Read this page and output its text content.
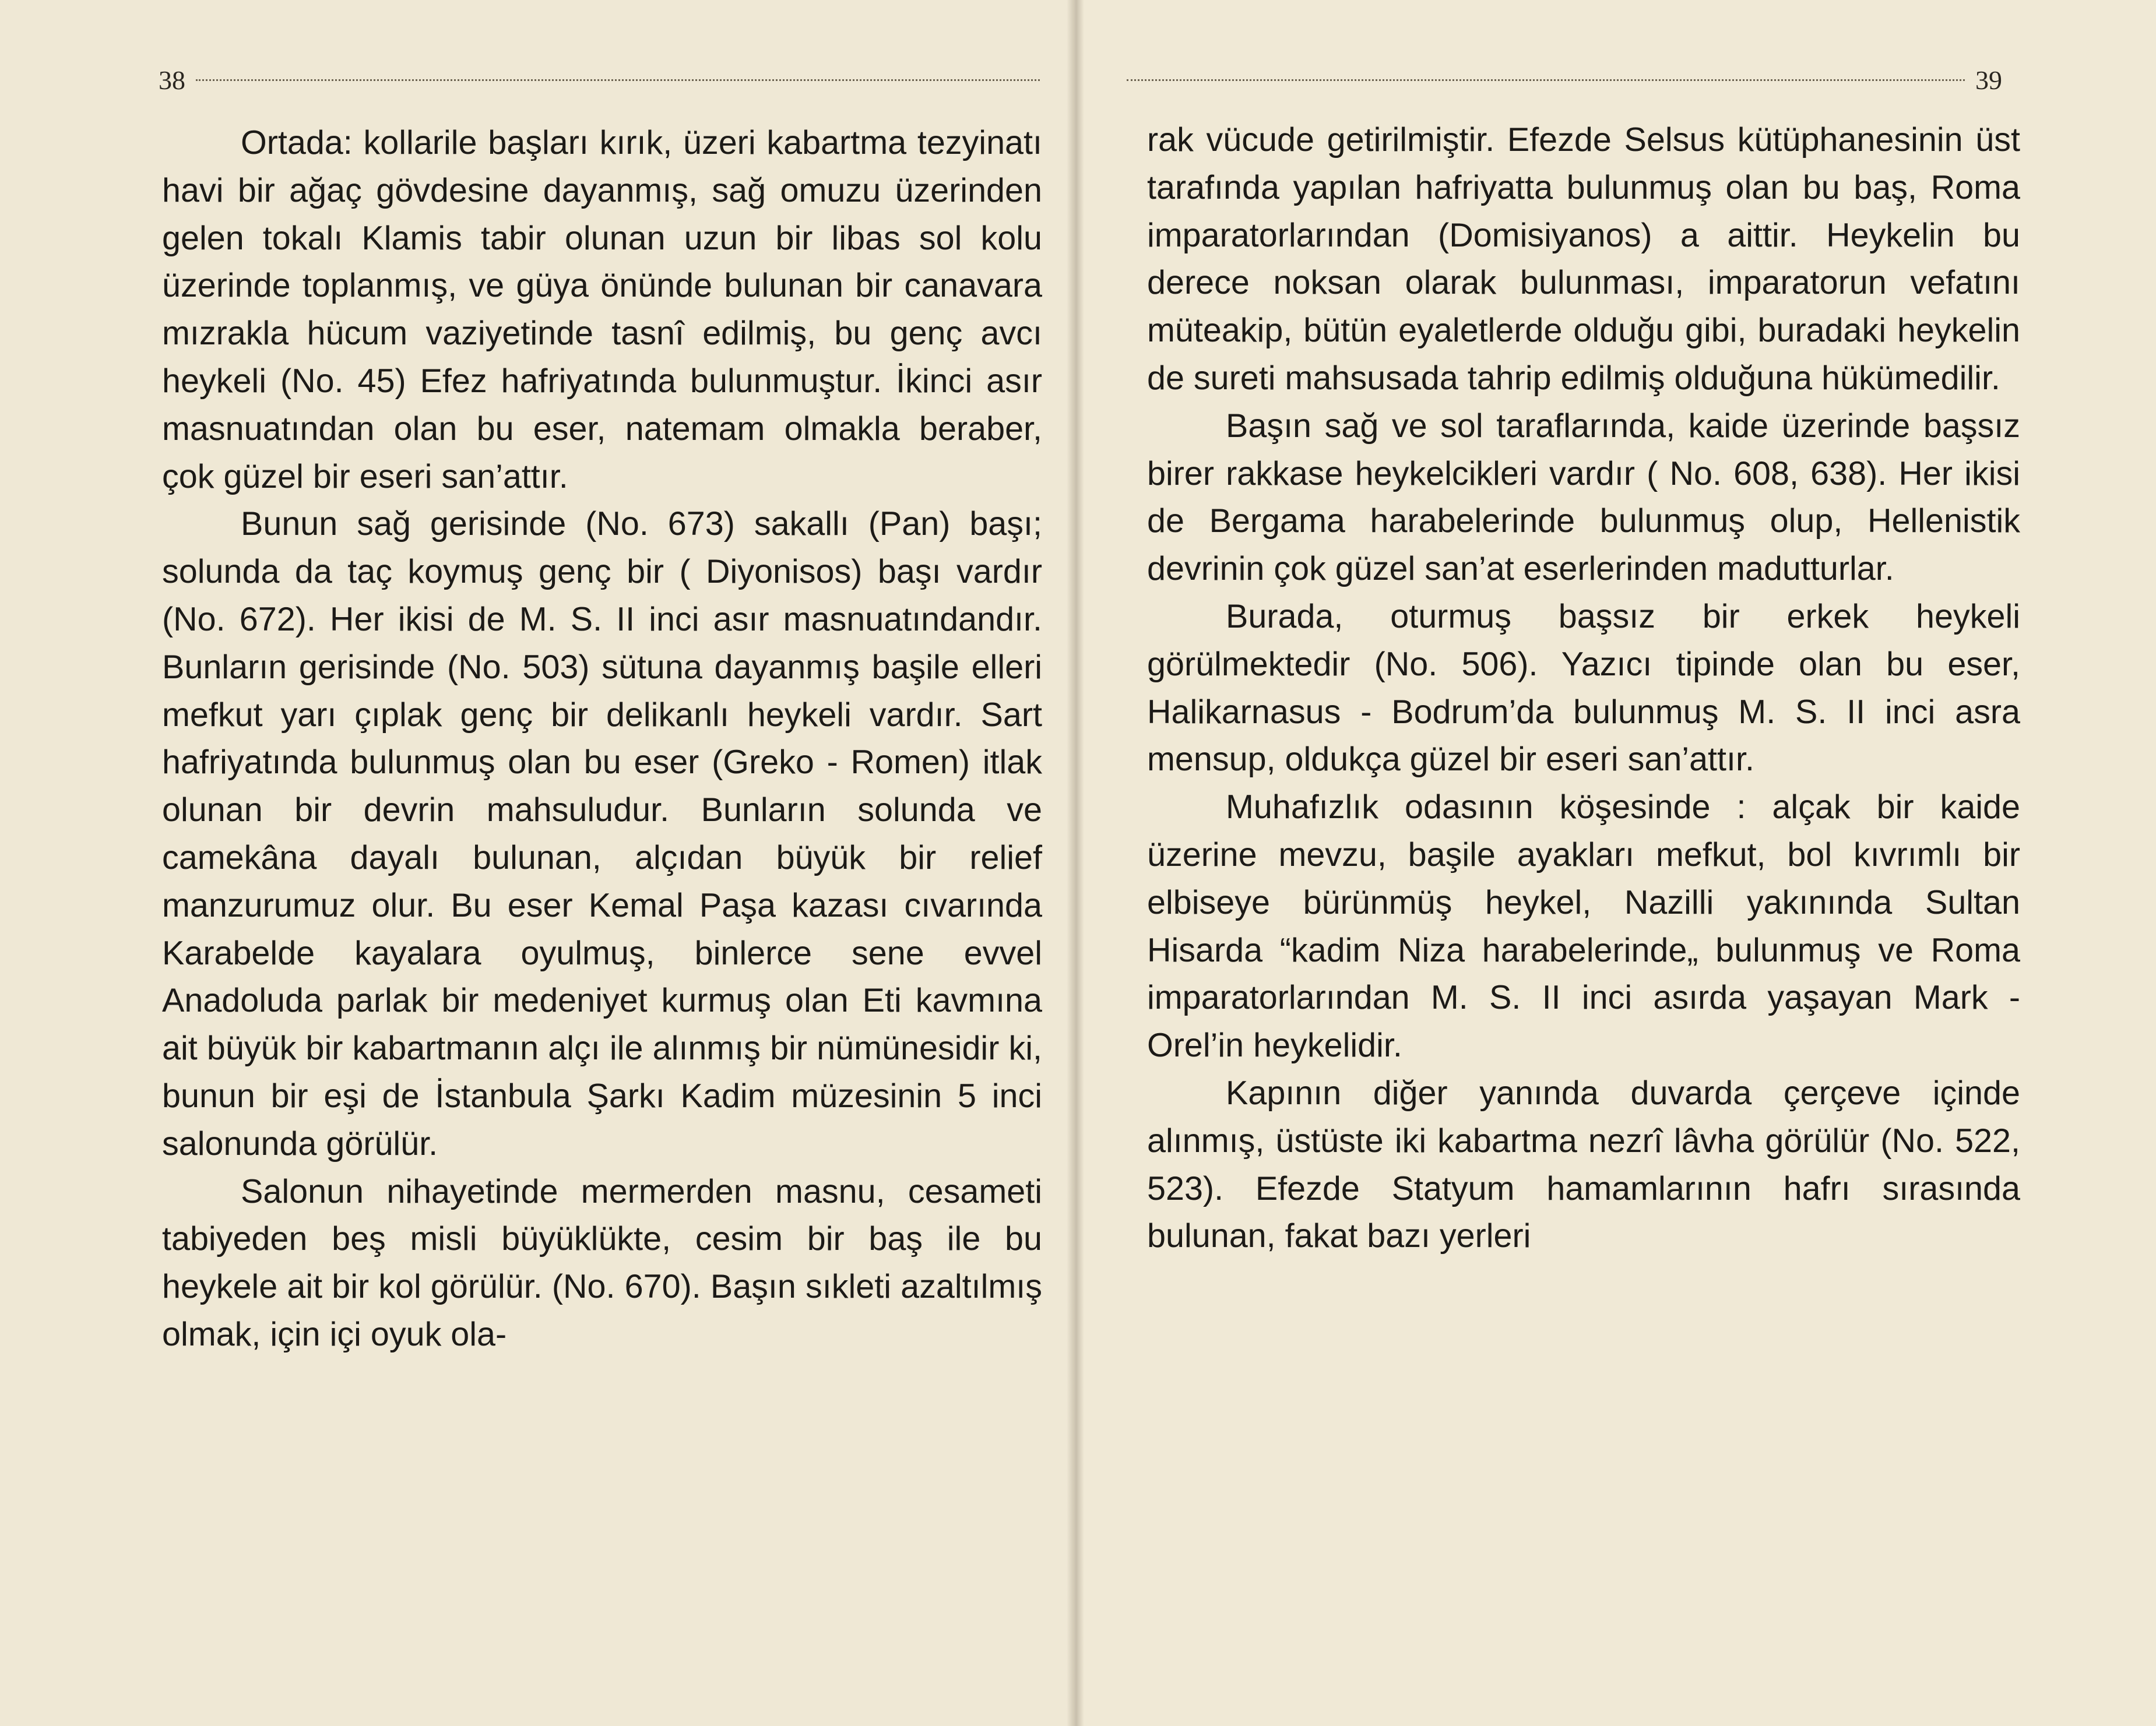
38	39

Ortada: kollarile başları kırık, üzeri kabartma tezyinatı havi bir ağaç gövdesine dayanmış, sağ omuzu üzerinden gelen tokalı Klamis tabir olunan uzun bir libas sol kolu üzerinde toplanmış, ve güya önünde bulunan bir canavara mızrakla hücum vaziyetinde tasnî edilmiş, bu genç avcı heykeli (No. 45) Efez hafriyatında bulunmuştur. İkinci asır masnuatından olan bu eser, natemam olmakla beraber, çok güzel bir eseri san’attır.

Bunun sağ gerisinde (No. 673) sakallı (Pan) başı; solunda da taç koymuş genç bir ( Diyonisos) başı vardır (No. 672). Her ikisi de M. S. II inci asır masnuatındandır. Bunların gerisinde (No. 503) sütuna dayanmış başile elleri mefkut yarı çıplak genç bir delikanlı heykeli vardır. Sart hafriyatında bulunmuş olan bu eser (Greko - Romen) itlak olunan bir devrin mahsuludur. Bunların solunda ve camekâna dayalı bulunan, alçıdan büyük bir relief manzurumuz olur. Bu eser Kemal Paşa kazası cıvarında Karabelde kayalara oyulmuş, binlerce sene evvel Anadoluda parlak bir medeniyet kurmuş olan Eti kavmına ait büyük bir kabartmanın alçı ile alınmış bir nümünesidir ki, bunun bir eşi de İstanbula Şarkı Kadim müzesinin 5 inci salonunda görülür.

Salonun nihayetinde mermerden masnu, cesameti tabiyeden beş misli büyüklükte, cesim bir baş ile bu heykele ait bir kol görülür. (No. 670). Başın sıkleti azaltılmış olmak, için içi oyuk ola-

rak vücude getirilmiştir. Efezde Selsus kütüphanesinin üst tarafında yapılan hafriyatta bulunmuş olan bu baş, Roma imparatorlarından (Domisiyanos) a aittir. Heykelin bu derece noksan olarak bulunması, imparatorun vefatını müteakip, bütün eyaletlerde olduğu gibi, buradaki heykelin de sureti mahsusada tahrip edilmiş olduğuna hükümedilir.

Başın sağ ve sol taraflarında, kaide üzerinde başsız birer rakkase heykelcikleri vardır ( No. 608, 638). Her ikisi de Bergama harabelerinde bulunmuş olup, Hellenistik devrinin çok güzel san’at eserlerinden madutturlar.

Burada, oturmuş başsız bir erkek heykeli görülmektedir (No. 506). Yazıcı tipinde olan bu eser, Halikarnasus - Bodrum’da bulunmuş M. S. II inci asra mensup, oldukça güzel bir eseri san’attır.

Muhafızlık odasının köşesinde : alçak bir kaide üzerine mevzu, başile ayakları mefkut, bol kıvrımlı bir elbiseye bürünmüş heykel, Nazilli yakınında Sultan Hisarda “kadim Niza harabelerinde„ bulunmuş ve Roma imparatorlarından M. S. II inci asırda yaşayan Mark - Orel’in heykelidir.

Kapının diğer yanında duvarda çerçeve içinde alınmış, üstüste iki kabartma nezrî lâvha görülür (No. 522, 523). Efezde Statyum hamamlarının hafrı sırasında bulunan, fakat bazı yerleri
